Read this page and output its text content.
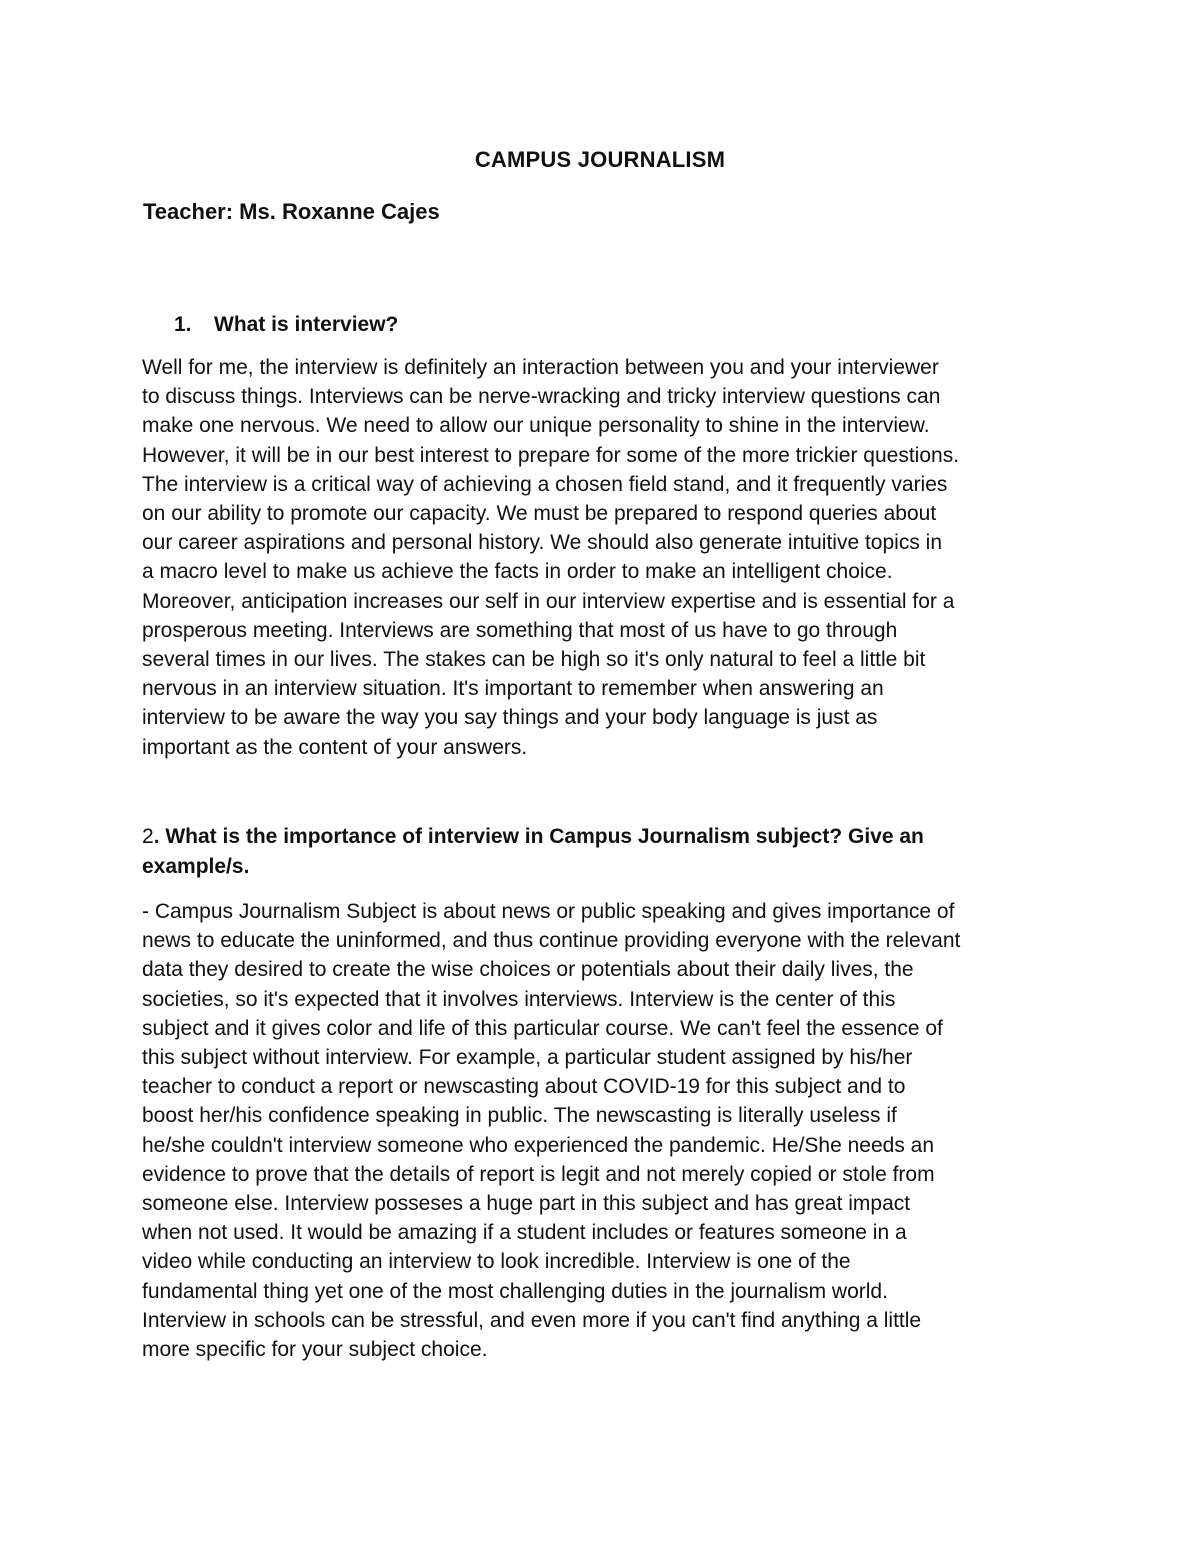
CAMPUS JOURNALISM
Teacher: Ms. Roxanne Cajes
1. What is interview?
Well for me, the interview is definitely an interaction between you and your interviewer
to discuss things. Interviews can be nerve-wracking and tricky interview questions can
make one nervous. We need to allow our unique personality to shine in the interview.
However, it will be in our best interest to prepare for some of the more trickier questions.
The interview is a critical way of achieving a chosen field stand, and it frequently varies
on our ability to promote our capacity. We must be prepared to respond queries about
our career aspirations and personal history. We should also generate intuitive topics in
a macro level to make us achieve the facts in order to make an intelligent choice.
Moreover, anticipation increases our self in our interview expertise and is essential for a
prosperous meeting. Interviews are something that most of us have to go through
several times in our lives. The stakes can be high so it's only natural to feel a little bit
nervous in an interview situation. It's important to remember when answering an
interview to be aware the way you say things and your body language is just as
important as the content of your answers.
2. What is the importance of interview in Campus Journalism subject? Give an
example/s.
- Campus Journalism Subject is about news or public speaking and gives importance of
news to educate the uninformed, and thus continue providing everyone with the relevant
data they desired to create the wise choices or potentials about their daily lives, the
societies, so it's expected that it involves interviews. Interview is the center of this
subject and it gives color and life of this particular course. We can't feel the essence of
this subject without interview. For example, a particular student assigned by his/her
teacher to conduct a report or newscasting about COVID-19 for this subject and to
boost her/his confidence speaking in public. The newscasting is literally useless if
he/she couldn't interview someone who experienced the pandemic. He/She needs an
evidence to prove that the details of report is legit and not merely copied or stole from
someone else. Interview posseses a huge part in this subject and has great impact
when not used. It would be amazing if a student includes or features someone in a
video while conducting an interview to look incredible. Interview is one of the
fundamental thing yet one of the most challenging duties in the journalism world.
Interview in schools can be stressful, and even more if you can't find anything a little
more specific for your subject choice.
